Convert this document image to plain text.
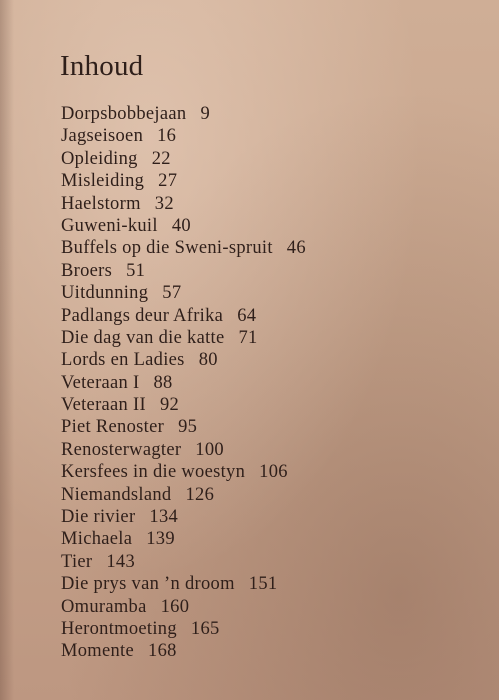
Inhoud
Dorpsbobbejaan 9
Jagseisoen 16
Opleiding 22
Misleiding 27
Haelstorm 32
Guweni-kuil 40
Buffels op die Sweni-spruit 46
Broers 51
Uitdunning 57
Padlangs deur Afrika 64
Die dag van die katte 71
Lords en Ladies 80
Veteraan I 88
Veteraan II 92
Piet Renoster 95
Renosterwagter 100
Kersfees in die woestyn 106
Niemandsland 126
Die rivier 134
Michaela 139
Tier 143
Die prys van ’n droom 151
Omuramba 160
Herontmoeting 165
Momente 168
